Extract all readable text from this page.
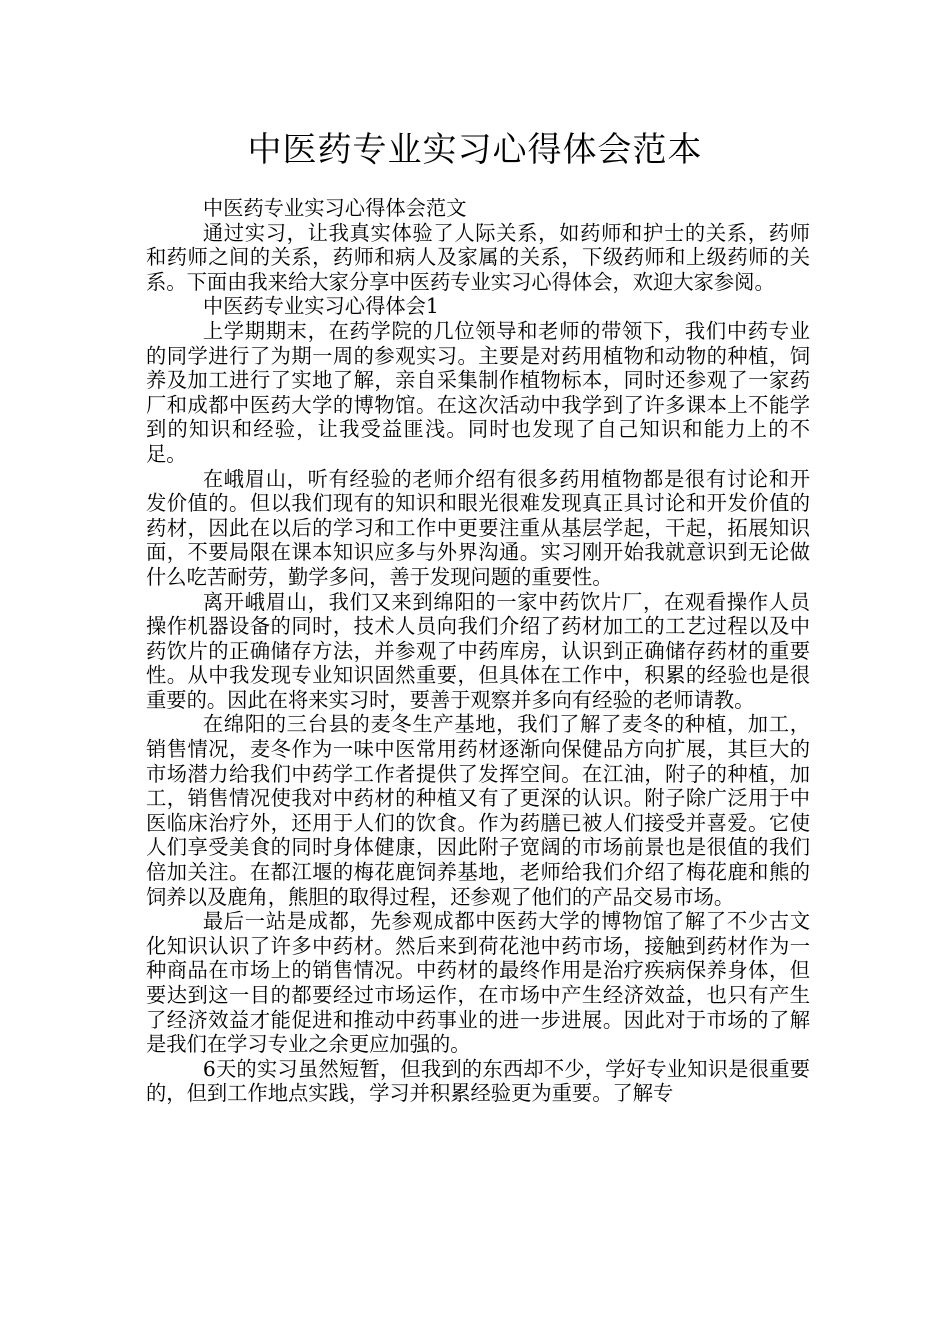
中医药专业实习心得体会范本

中医药专业实习心得体会范文

通过实习，让我真实体验了人际关系，如药师和护士的关系，药师和药师之间的关系，药师和病人及家属的关系，下级药师和上级药师的关系。下面由我来给大家分享中医药专业实习心得体会，欢迎大家参阅。

中医药专业实习心得体会1

上学期期末，在药学院的几位领导和老师的带领下，我们中药专业的同学进行了为期一周的参观实习。主要是对药用植物和动物的种植，饲养及加工进行了实地了解，亲自采集制作植物标本，同时还参观了一家药厂和成都中医药大学的博物馆。在这次活动中我学到了许多课本上不能学到的知识和经验，让我受益匪浅。同时也发现了自己知识和能力上的不足。

在峨眉山，听有经验的老师介绍有很多药用植物都是很有讨论和开发价值的。但以我们现有的知识和眼光很难发现真正具讨论和开发价值的药材，因此在以后的学习和工作中更要注重从基层学起，干起，拓展知识面，不要局限在课本知识应多与外界沟通。实习刚开始我就意识到无论做什么吃苦耐劳，勤学多问，善于发现问题的重要性。

离开峨眉山，我们又来到绵阳的一家中药饮片厂，在观看操作人员操作机器设备的同时，技术人员向我们介绍了药材加工的工艺过程以及中药饮片的正确储存方法，并参观了中药库房，认识到正确储存药材的重要性。从中我发现专业知识固然重要，但具体在工作中，积累的经验也是很重要的。因此在将来实习时，要善于观察并多向有经验的老师请教。

在绵阳的三台县的麦冬生产基地，我们了解了麦冬的种植，加工，销售情况，麦冬作为一味中医常用药材逐渐向保健品方向扩展，其巨大的市场潜力给我们中药学工作者提供了发挥空间。在江油，附子的种植，加工，销售情况使我对中药材的种植又有了更深的认识。附子除广泛用于中医临床治疗外，还用于人们的饮食。作为药膳已被人们接受并喜爱。它使人们享受美食的同时身体健康，因此附子宽阔的市场前景也是很值的我们倍加关注。在都江堰的梅花鹿饲养基地，老师给我们介绍了梅花鹿和熊的饲养以及鹿角，熊胆的取得过程，还参观了他们的产品交易市场。

最后一站是成都，先参观成都中医药大学的博物馆了解了不少古文化知识认识了许多中药材。然后来到荷花池中药市场，接触到药材作为一种商品在市场上的销售情况。中药材的最终作用是治疗疾病保养身体，但要达到这一目的都要经过市场运作，在市场中产生经济效益，也只有产生了经济效益才能促进和推动中药事业的进一步进展。因此对于市场的了解是我们在学习专业之余更应加强的。

6天的实习虽然短暂，但我到的东西却不少，学好专业知识是很重要的，但到工作地点实践，学习并积累经验更为重要。了解专
